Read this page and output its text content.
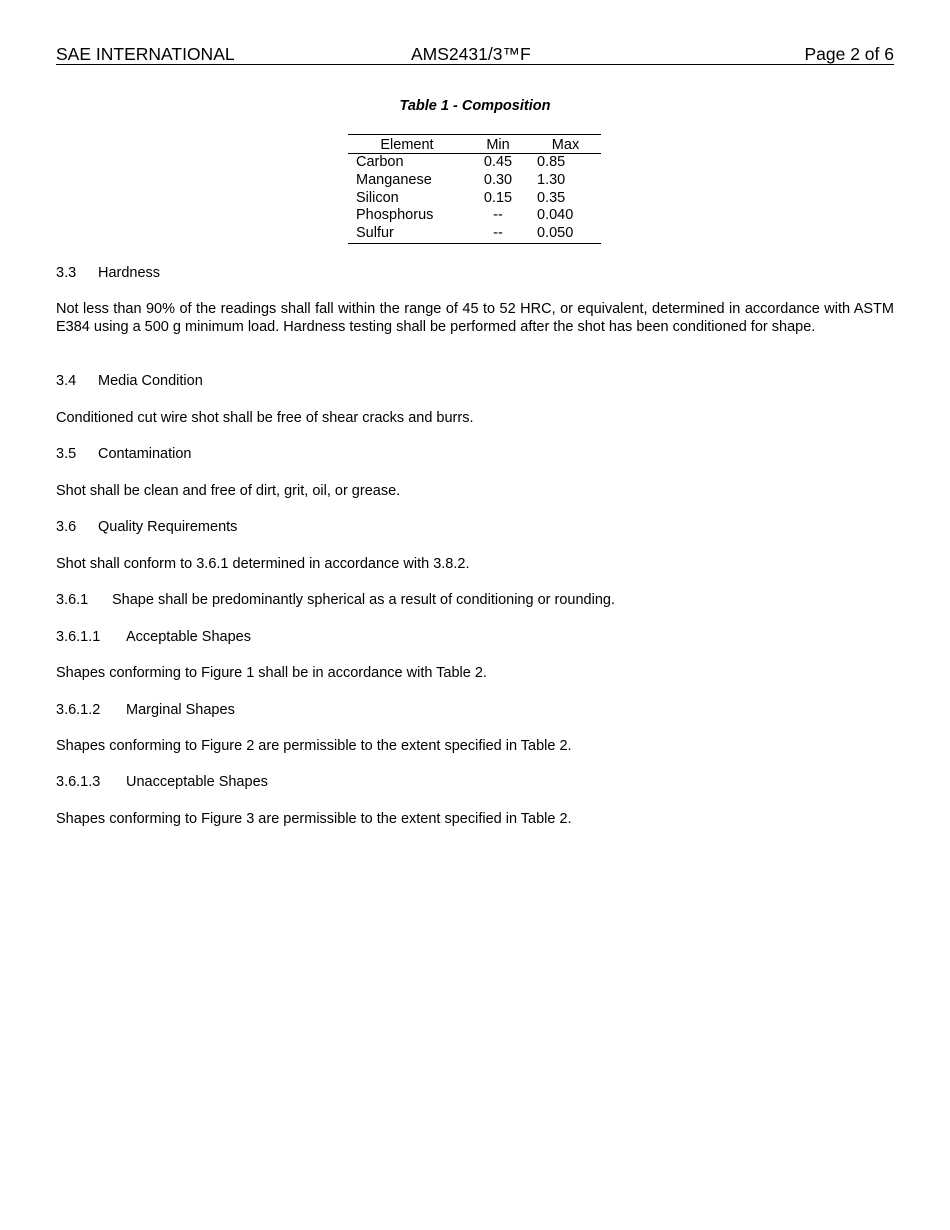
SAE INTERNATIONAL	AMS2431/3™F	Page 2 of 6
Table 1 - Composition
Element	Min	Max
Carbon	0.45	0.85
Manganese	0.30	1.30
Silicon	0.15	0.35
Phosphorus	--	0.040
Sulfur	--	0.050

3.3 Hardness

Not less than 90% of the readings shall fall within the range of 45 to 52 HRC, or equivalent, determined in accordance with ASTM E384 using a 500 g minimum load. Hardness testing shall be performed after the shot has been conditioned for shape.

3.4 Media Condition

Conditioned cut wire shot shall be free of shear cracks and burrs.

3.5 Contamination

Shot shall be clean and free of dirt, grit, oil, or grease.

3.6 Quality Requirements

Shot shall conform to 3.6.1 determined in accordance with 3.8.2.

3.6.1 Shape shall be predominantly spherical as a result of conditioning or rounding.

3.6.1.1 Acceptable Shapes

Shapes conforming to Figure 1 shall be in accordance with Table 2.

3.6.1.2 Marginal Shapes

Shapes conforming to Figure 2 are permissible to the extent specified in Table 2.

3.6.1.3 Unacceptable Shapes

Shapes conforming to Figure 3 are permissible to the extent specified in Table 2.
